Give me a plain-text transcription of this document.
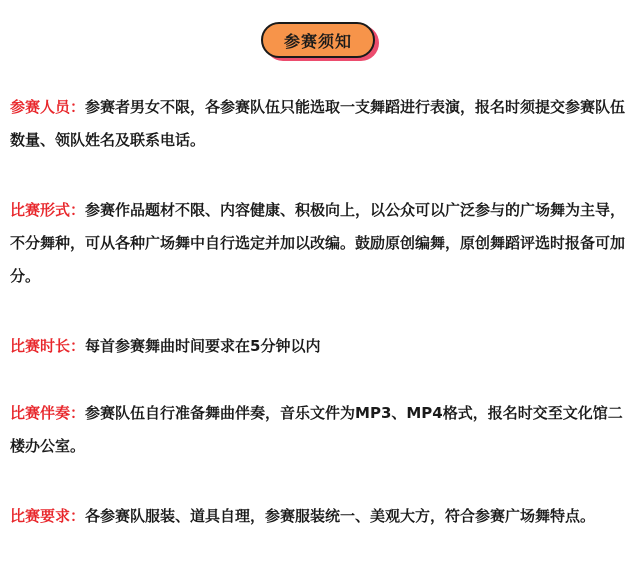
参赛须知
参赛人员：参赛者男女不限，各参赛队伍只能选取一支舞蹈进行表演，报名时须提交参赛队伍数量、领队姓名及联系电话。
比赛形式：参赛作品题材不限、内容健康、积极向上，以公众可以广泛参与的广场舞为主导，不分舞种，可从各种广场舞中自行选定并加以改编。鼓励原创编舞，原创舞蹈评选时报备可加分。
比赛时长：每首参赛舞曲时间要求在5分钟以内
比赛伴奏：参赛队伍自行准备舞曲伴奏，音乐文件为MP3、MP4格式，报名时交至文化馆二楼办公室。
比赛要求：各参赛队服装、道具自理，参赛服装统一、美观大方，符合参赛广场舞特点。
